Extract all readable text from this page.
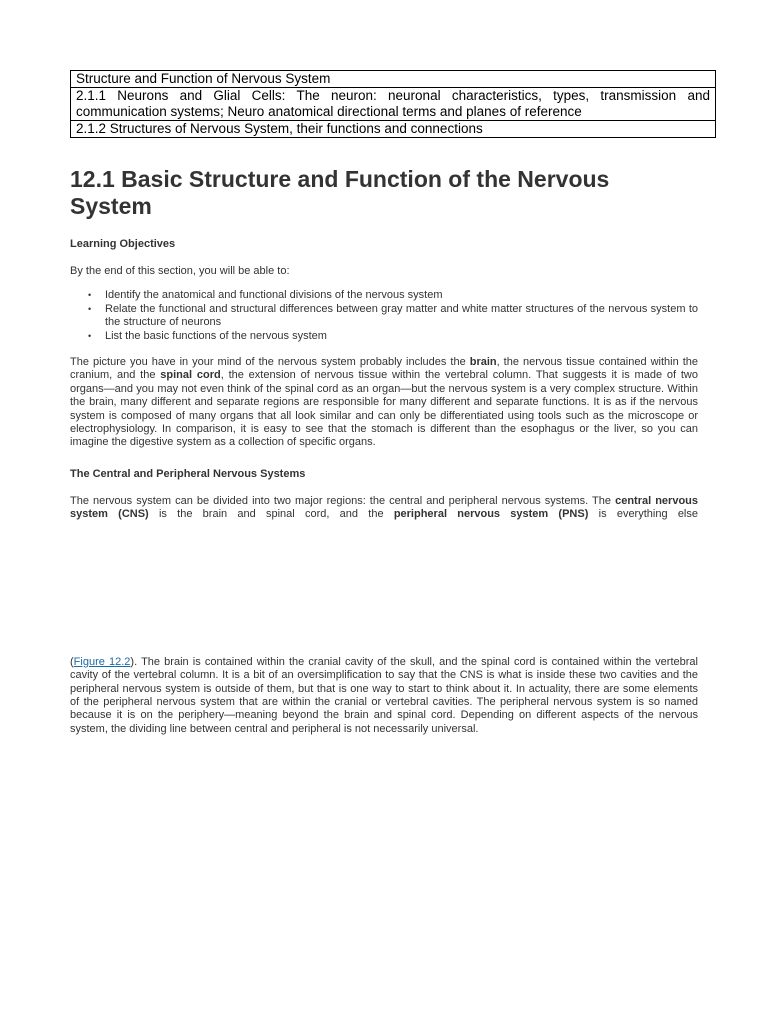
Structure and Function of Nervous System
2.1.1 Neurons and Glial Cells: The neuron: neuronal characteristics, types, transmission and communication systems; Neuro anatomical directional terms and planes of reference
2.1.2 Structures of Nervous System, their functions and connections
12.1 Basic Structure and Function of the Nervous System
Learning Objectives

By the end of this section, you will be able to:

• Identify the anatomical and functional divisions of the nervous system
• Relate the functional and structural differences between gray matter and white matter structures of the nervous system to the structure of neurons
• List the basic functions of the nervous system

The picture you have in your mind of the nervous system probably includes the brain, the nervous tissue contained within the cranium, and the spinal cord, the extension of nervous tissue within the vertebral column. That suggests it is made of two organs—and you may not even think of the spinal cord as an organ—but the nervous system is a very complex structure. Within the brain, many different and separate regions are responsible for many different and separate functions. It is as if the nervous system is composed of many organs that all look similar and can only be differentiated using tools such as the microscope or electrophysiology. In comparison, it is easy to see that the stomach is different than the esophagus or the liver, so you can imagine the digestive system as a collection of specific organs.

The Central and Peripheral Nervous Systems

The nervous system can be divided into two major regions: the central and peripheral nervous systems. The central nervous system (CNS) is the brain and spinal cord, and the peripheral nervous system (PNS) is everything else

(Figure 12.2). The brain is contained within the cranial cavity of the skull, and the spinal cord is contained within the vertebral cavity of the vertebral column. It is a bit of an oversimplification to say that the CNS is what is inside these two cavities and the peripheral nervous system is outside of them, but that is one way to start to think about it. In actuality, there are some elements of the peripheral nervous system that are within the cranial or vertebral cavities. The peripheral nervous system is so named because it is on the periphery—meaning beyond the brain and spinal cord. Depending on different aspects of the nervous system, the dividing line between central and peripheral is not necessarily universal.
